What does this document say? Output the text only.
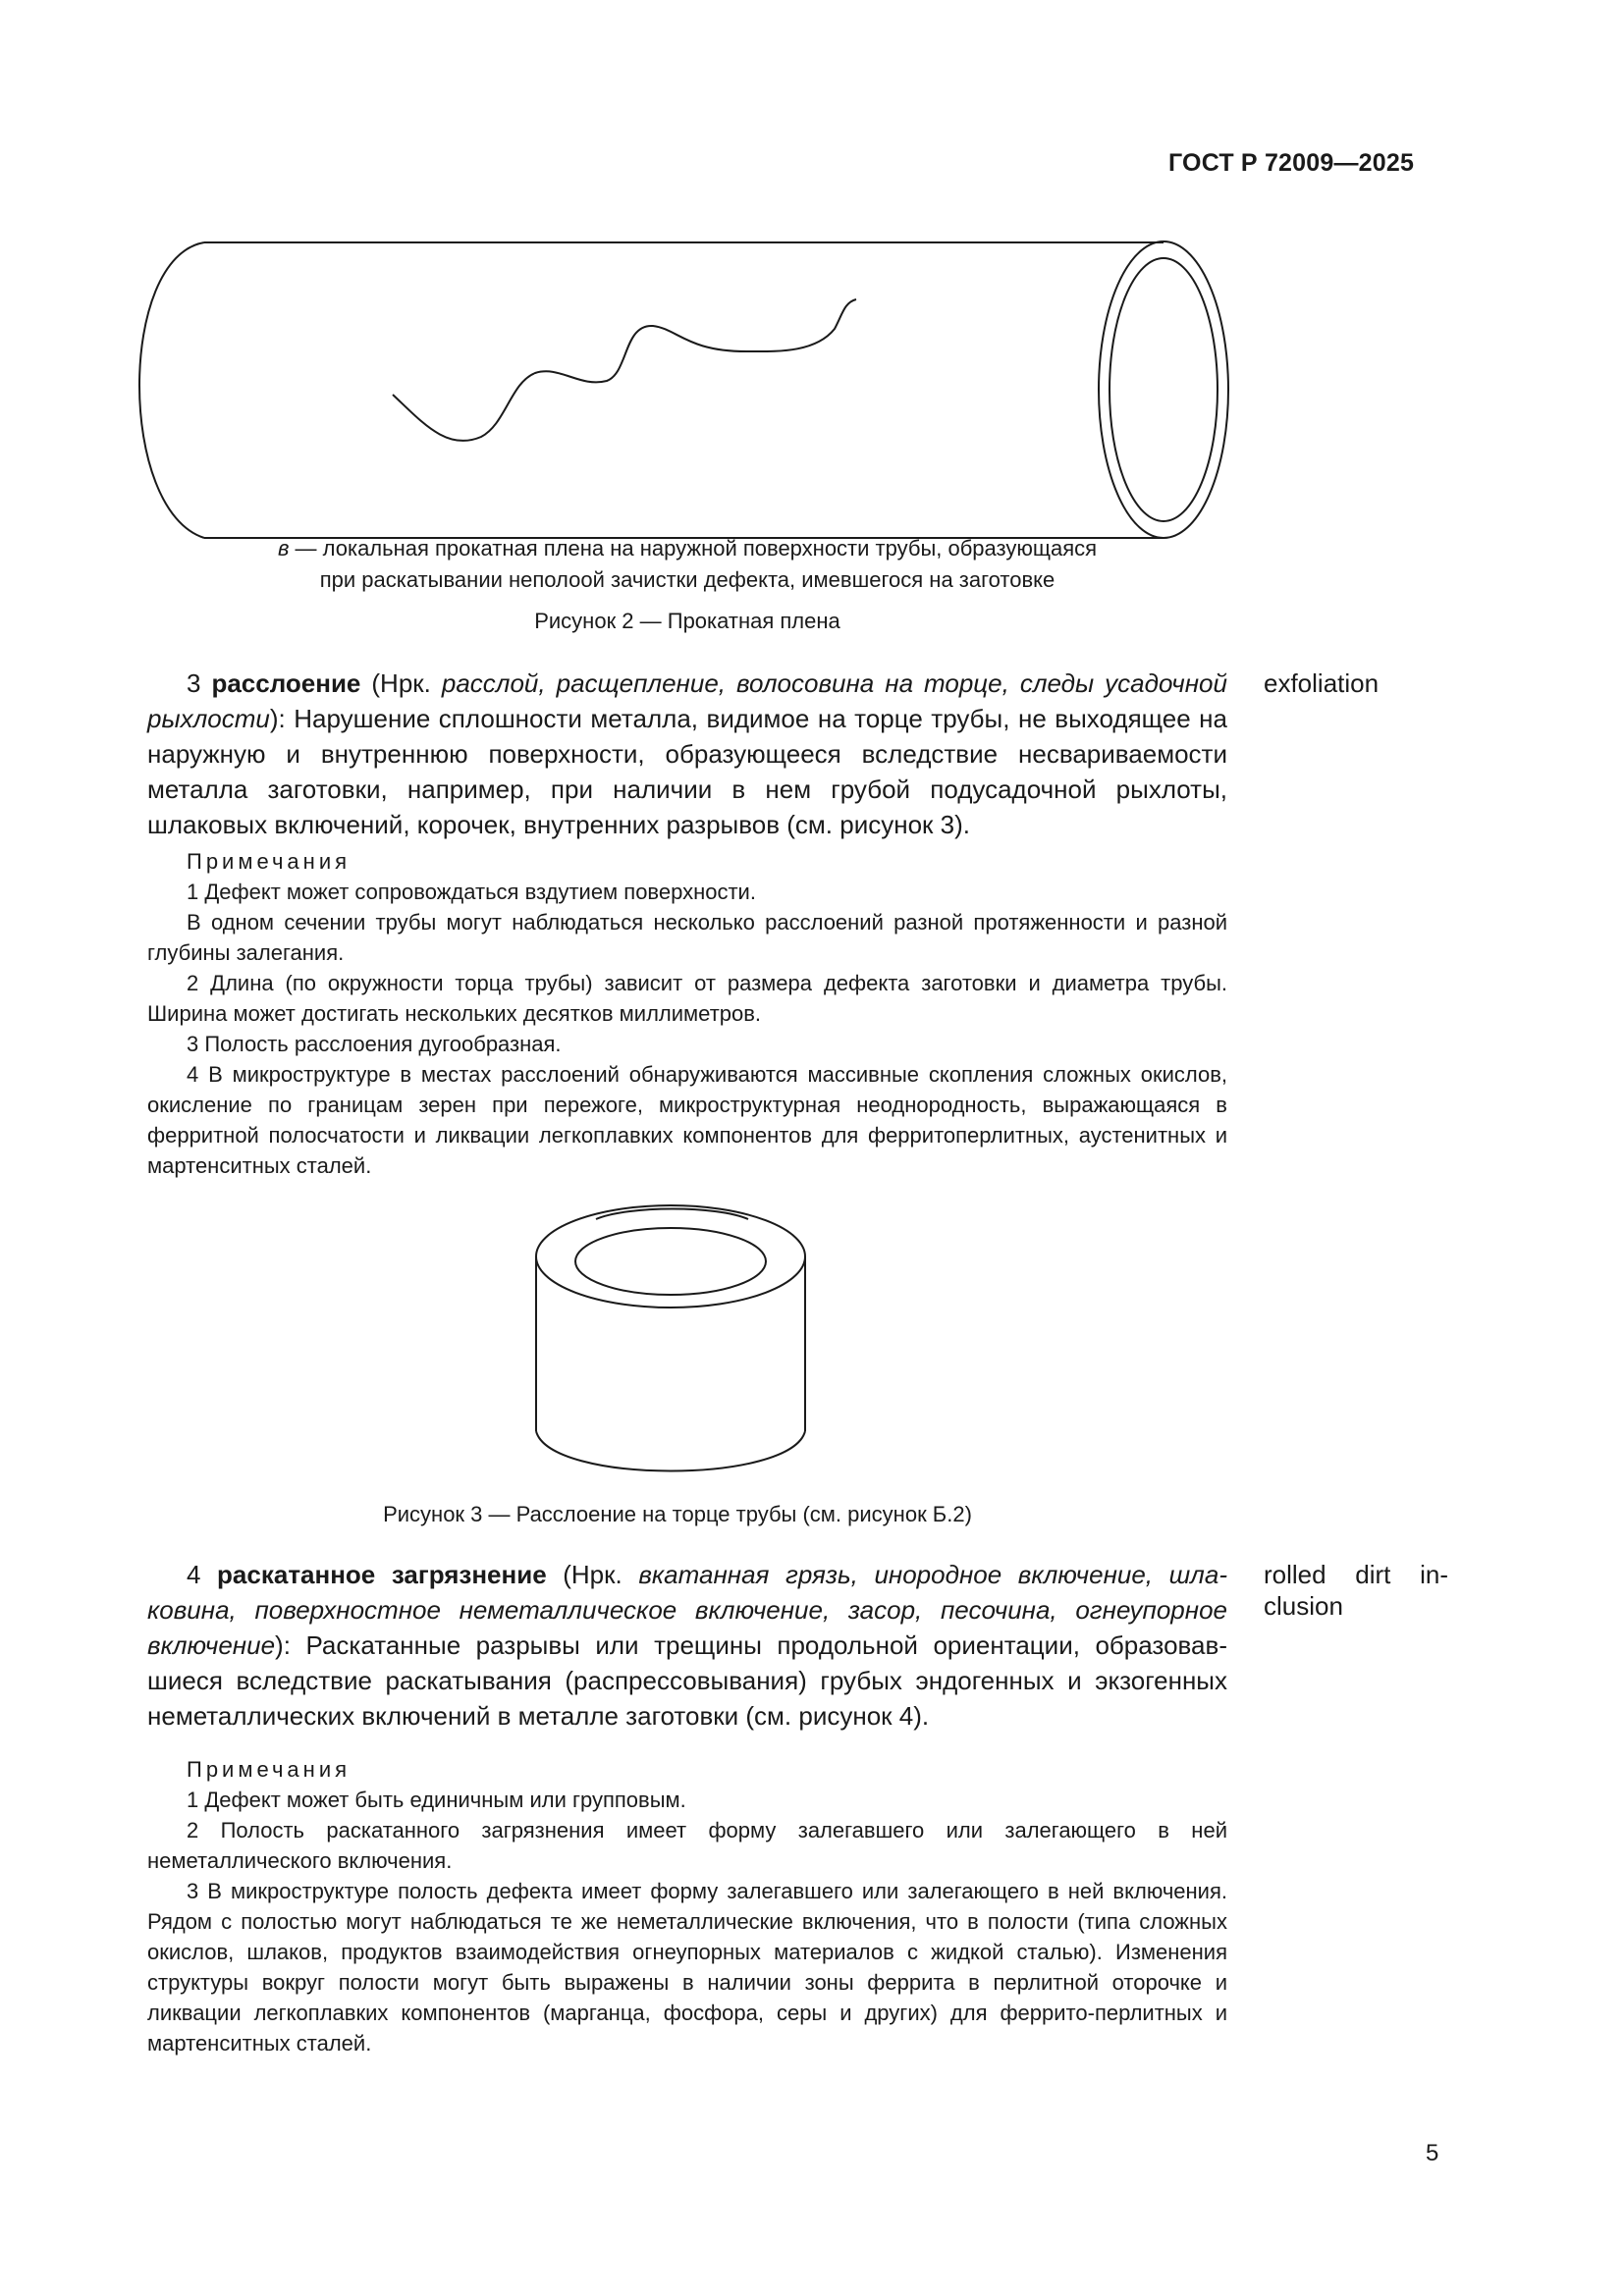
ГОСТ Р 72009—2025
в — локальная прокатная плена на наружной поверхности трубы, образующаяся
при раскатывании неполоой зачистки дефекта, имевшегося на заготовке
Рисунок 2 — Прокатная плена
3 расслоение (Нрк. расслой, расщепление, волосовина на торце, следы усадочной рыхлости): Нарушение сплошности металла, видимое на торце трубы, не выходящее на наружную и внутреннюю поверхности, образующееся вследствие несвариваемости металла заготовки, например, при наличии в нем грубой подусадочной рыхлоты, шлаковых включений, корочек, внутренних разрывов (см. рисунок 3).
exfoliation

Примечания

1 Дефект может сопровождаться вздутием поверхности.

В одном сечении трубы могут наблюдаться несколько расслоений разной протяженности и разной глубины залегания.

2 Длина (по окружности торца трубы) зависит от размера дефекта заготовки и диаметра трубы. Ширина может достигать нескольких десятков миллиметров.

3 Полость расслоения дугообразная.

4 В микроструктуре в местах расслоений обнаруживаются массивные скопления сложных окислов, окисление по границам зерен при пережоге, микроструктурная неоднородность, выражающаяся в ферритной полосчатости и ликвации легкоплавких компонентов для ферритоперлитных, аустенитных и мартенситных сталей.

Рисунок 3 — Расслоение на торце трубы (см. рисунок Б.2)
4 раскатанное загрязнение (Нрк. вкатанная грязь, инородное включение, шлаковина, поверхностное неметаллическое включение, засор, песочина, огнеупорное включение): Раскатанные разрывы или трещины продольной ориентации, образовавшиеся вследствие раскатывания (распрессовывания) грубых эндогенных и экзогенных неметаллических включений в металле заготовки (см. рисунок 4).
rolled dirt inclusion

Примечания

1 Дефект может быть единичным или групповым.

2 Полость раскатанного загрязнения имеет форму залегавшего или залегающего в ней неметаллического включения.

3 В микроструктуре полость дефекта имеет форму залегавшего или залегающего в ней включения. Рядом с полостью могут наблюдаться те же неметаллические включения, что в полости (типа сложных окислов, шлаков, продуктов взаимодействия огнеупорных материалов с жидкой сталью). Изменения структуры вокруг полости могут быть выражены в наличии зоны феррита в перлитной оторочке и ликвации легкоплавких компонентов (марганца, фосфора, серы и других) для феррито-перлитных и мартенситных сталей.

5
